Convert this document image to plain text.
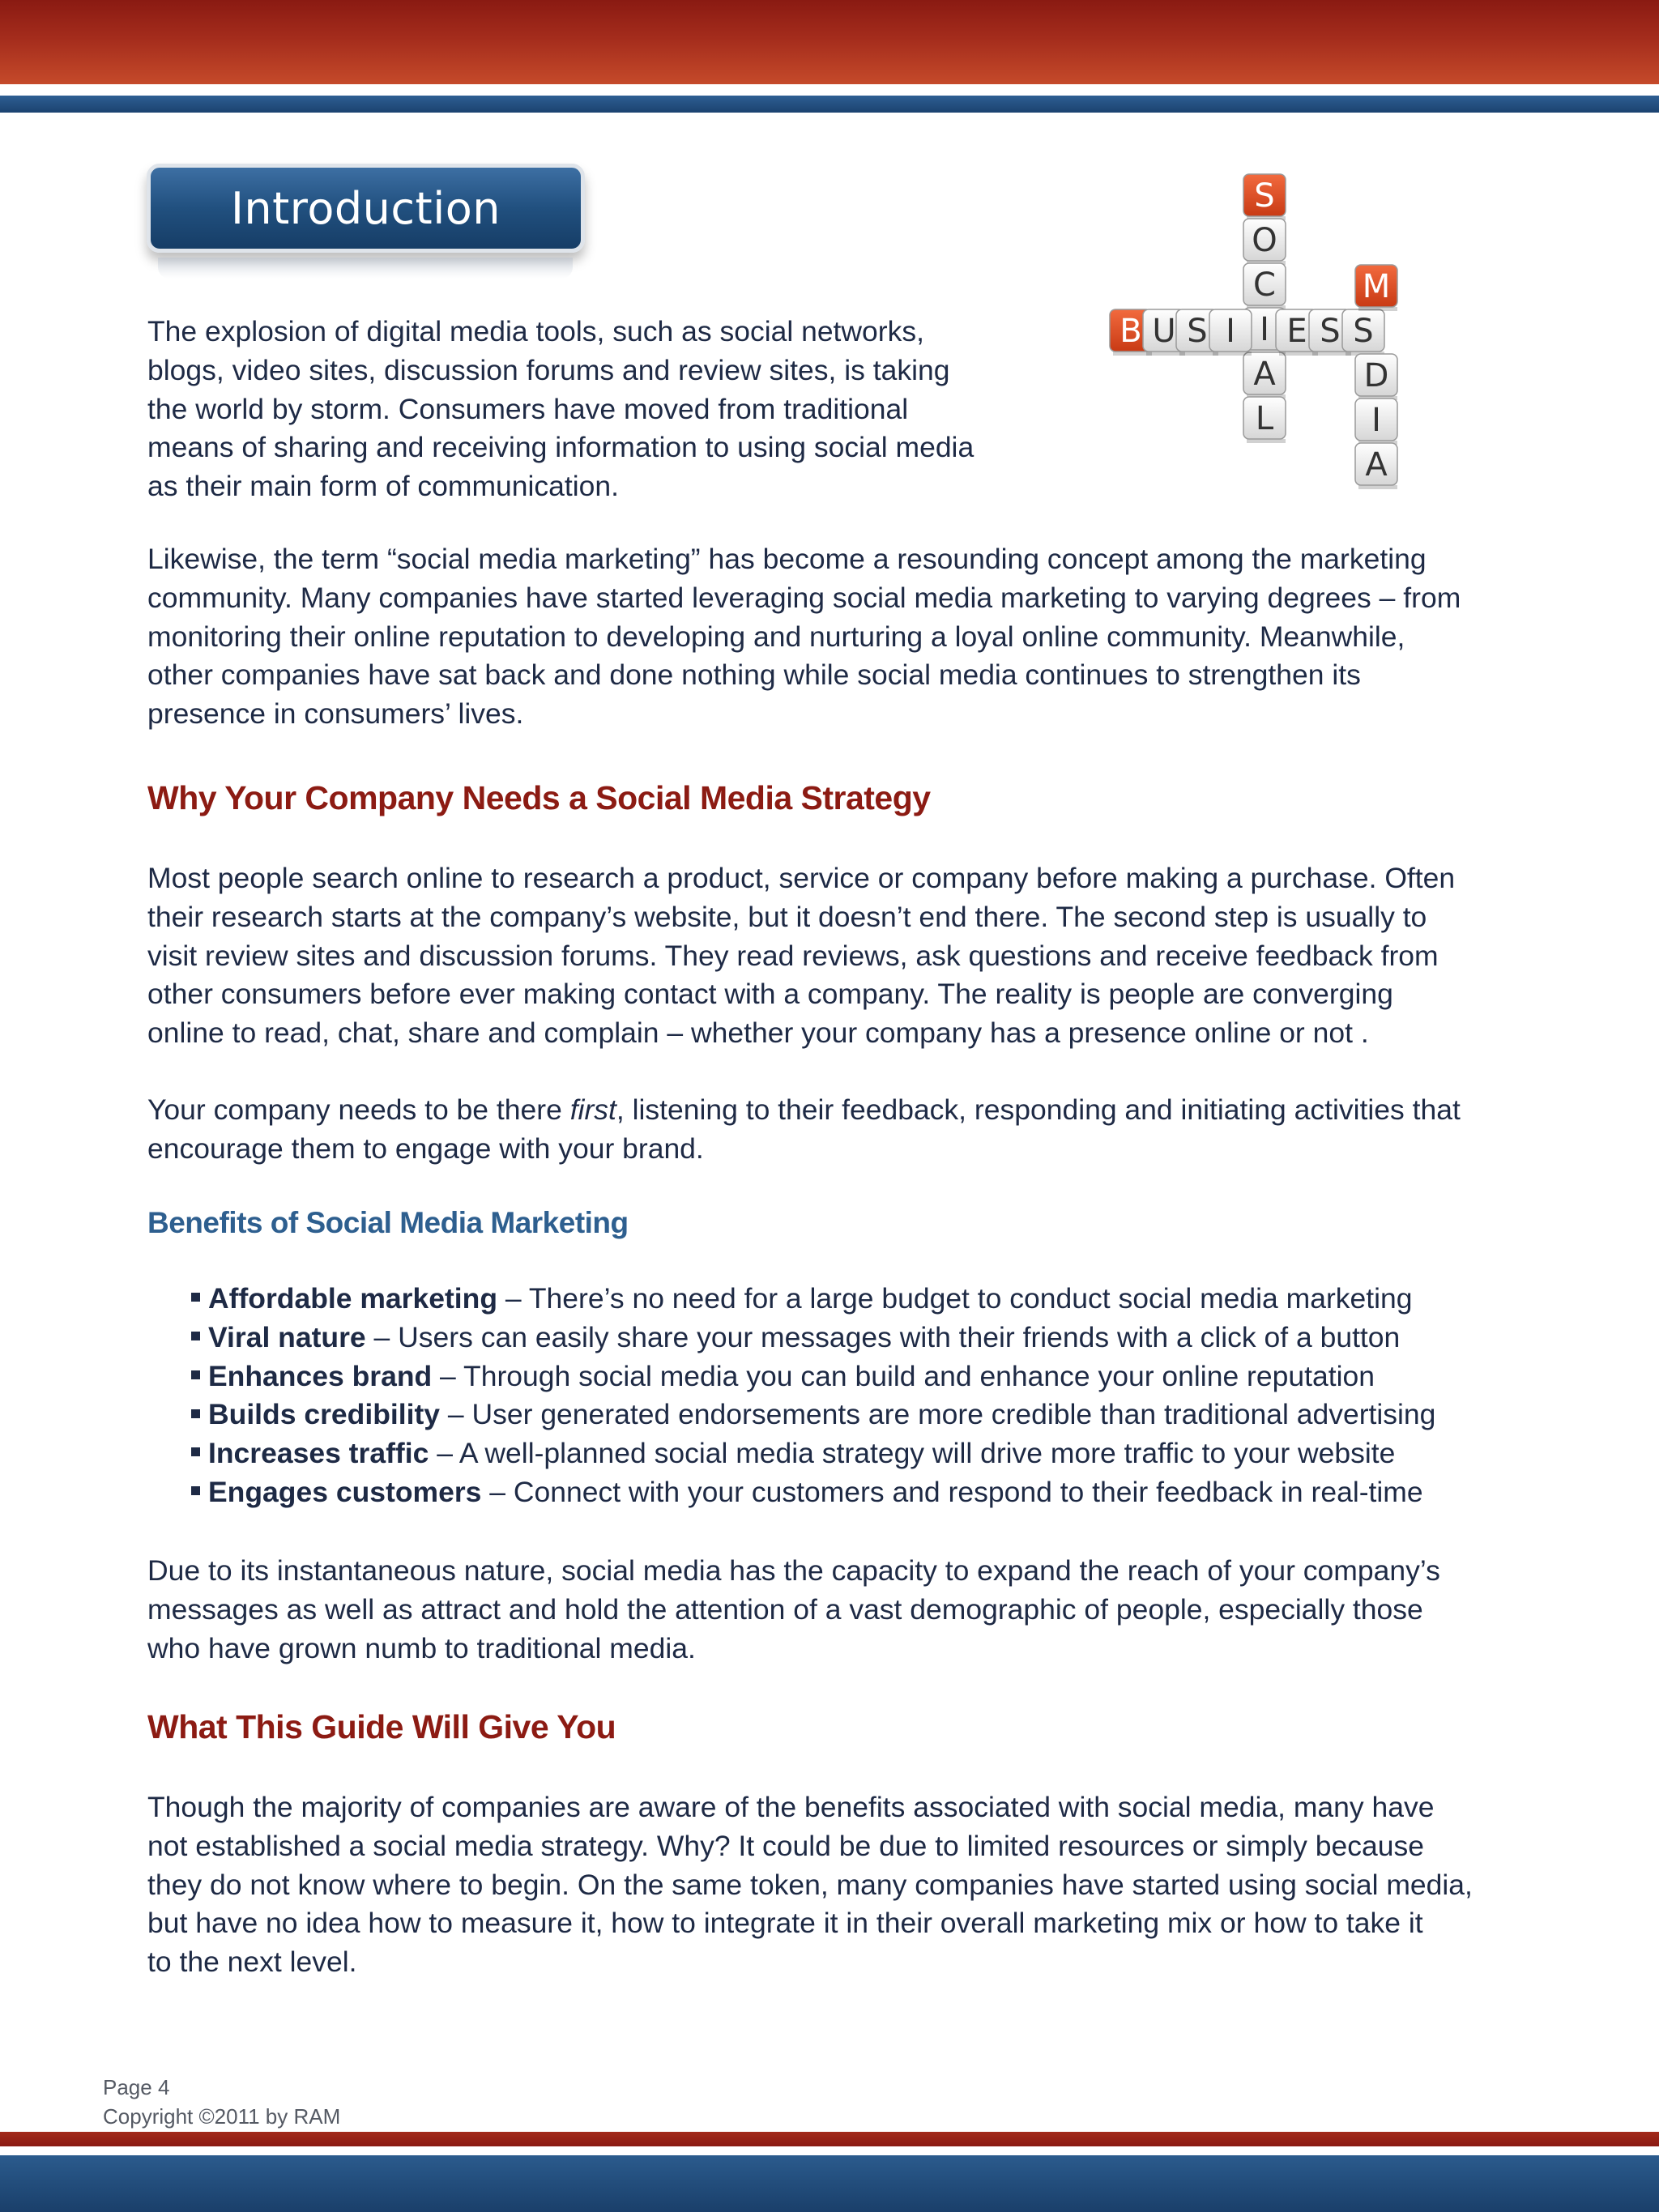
Introduction	S
O
C
I
A
L
B U S I E S S
M
D
I
A
The explosion of digital media tools, such as social networks,
blogs, video sites, discussion forums and review sites, is taking
the world by storm. Consumers have moved from traditional
means of sharing and receiving information to using social media
as their main form of communication.
Likewise, the term “social media marketing” has become a resounding concept among the marketing
community. Many companies have started leveraging social media marketing to varying degrees – from
monitoring their online reputation to developing and nurturing a loyal online community. Meanwhile,
other companies have sat back and done nothing while social media continues to strengthen its
presence in consumers’ lives.
Why Your Company Needs a Social Media Strategy
Most people search online to research a product, service or company before making a purchase. Often
their research starts at the company’s website, but it doesn’t end there. The second step is usually to
visit review sites and discussion forums. They read reviews, ask questions and receive feedback from
other consumers before ever making contact with a company. The reality is people are converging
online to read, chat, share and complain – whether your company has a presence online or not .
Your company needs to be there first, listening to their feedback, responding and initiating activities that
encourage them to engage with your brand.
Benefits of Social Media Marketing
Affordable marketing – There’s no need for a large budget to conduct social media marketing
Viral nature – Users can easily share your messages with their friends with a click of a button
Enhances brand – Through social media you can build and enhance your online reputation
Builds credibility – User generated endorsements are more credible than traditional advertising
Increases traffic – A well-planned social media strategy will drive more traffic to your website
Engages customers – Connect with your customers and respond to their feedback in real-time
Due to its instantaneous nature, social media has the capacity to expand the reach of your company’s
messages as well as attract and hold the attention of a vast demographic of people, especially those
who have grown numb to traditional media.
What This Guide Will Give You
Though the majority of companies are aware of the benefits associated with social media, many have
not established a social media strategy. Why? It could be due to limited resources or simply because
they do not know where to begin. On the same token, many companies have started using social media,
but have no idea how to measure it, how to integrate it in their overall marketing mix or how to take it
to the next level.
Page 4
Copyright ©2011 by RAM
